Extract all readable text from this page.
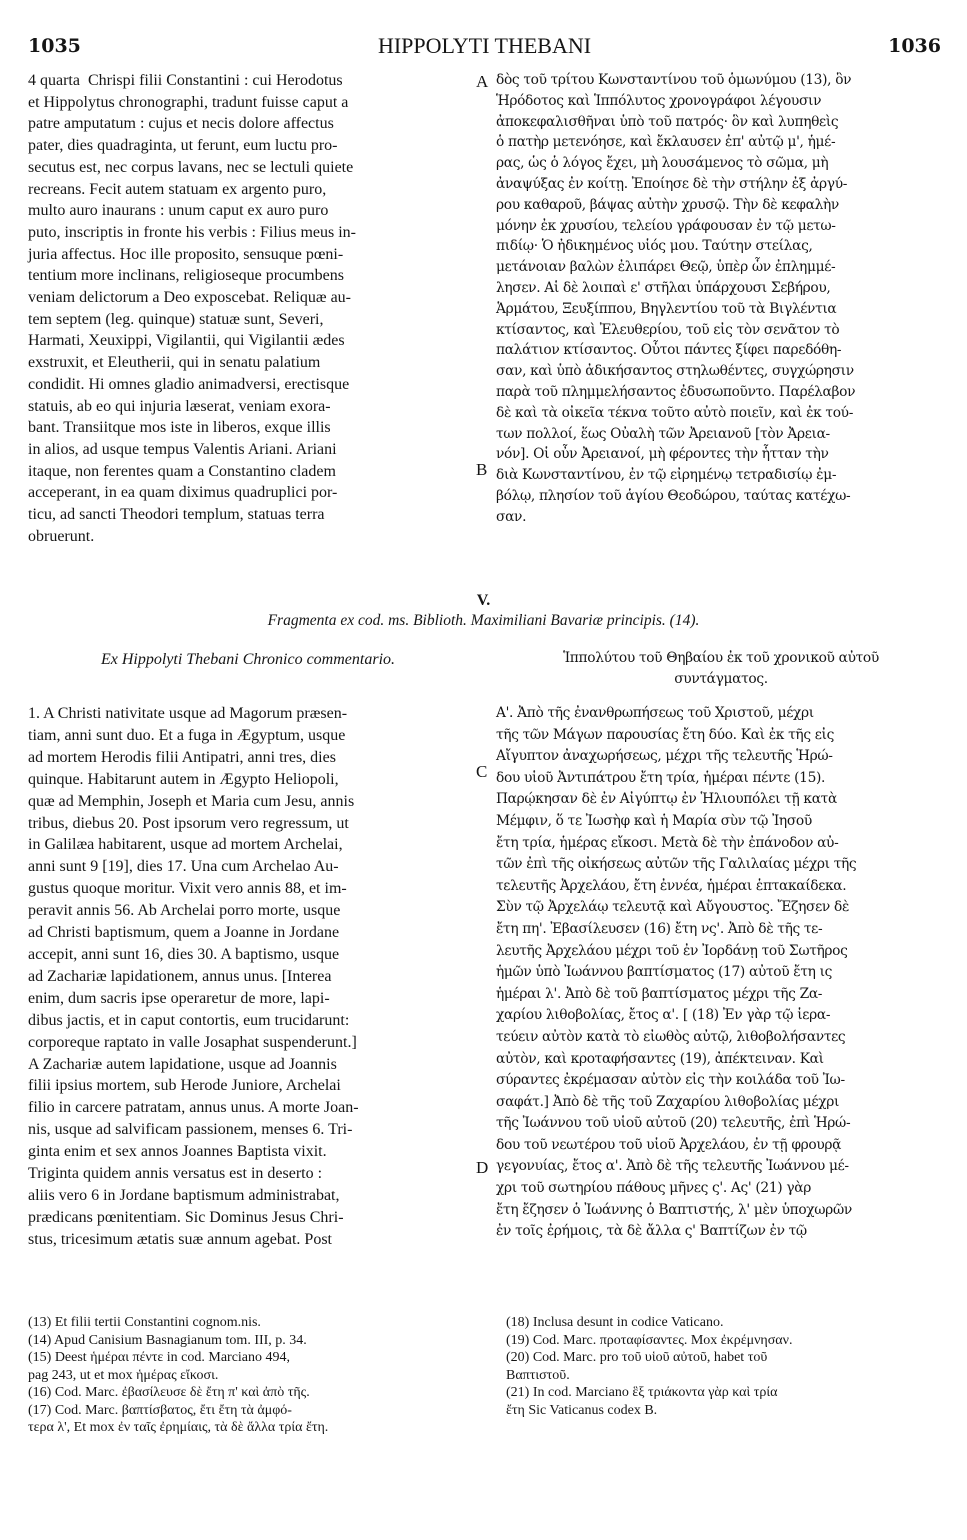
1035	HIPPOLYTI THEBANI	1036
4 quarta  Chrispi filii Constantini : cui Herodotus
et Hippolytus chronographi, tradunt fuisse caput a
patre amputatum : cujus et necis dolore affectus
pater, dies quadraginta, ut ferunt, eum luctu pro-
secutus est, nec corpus lavans, nec se lectuli quiete
recreans. Fecit autem statuam ex argento puro,
multo auro inaurans : unum caput ex auro puro
puto, inscriptis in fronte his verbis : Filius meus in-
juria affectus. Hoc ille proposito, sensuque pœni-
tentium more inclinans, religioseque procumbens
veniam delictorum a Deo exposcebat. Reliquæ au-
tem septem (leg. quinque) statuæ sunt, Severi,
Harmati, Xeuxippi, Vigilantii, qui Vigilantii ædes
exstruxit, et Eleutherii, qui in senatu palatium
condidit. Hi omnes gladio animadversi, erectisque
statuis, ab eo qui injuria læserat, veniam exora-
bant. Transiitque mos iste in liberos, exque illis
in alios, ad usque tempus Valentis Ariani. Ariani
itaque, non ferentes quam a Constantino cladem
acceperant, in ea quam diximus quadruplici por-
ticu, ad sancti Theodori templum, statuas terra
obruerunt.
δὸς τοῦ τρίτου Κωνσταντίνου τοῦ ὁμωνύμου (13), ὃν
Ἡρόδοτος καὶ Ἱππόλυτος χρονογράφοι λέγουσιν
ἀποκεφαλισθῆναι ὑπὸ τοῦ πατρός· ὃν καὶ λυπηθεὶς
ὁ πατὴρ μετενόησε, καὶ ἔκλαυσεν ἐπ' αὐτῷ μ', ἡμέ-
ρας, ὡς ὁ λόγος ἔχει, μὴ λουσάμενος τὸ σῶμα, μὴ
ἀναψύξας ἐν κοίτῃ. Ἐποίησε δὲ τὴν στήλην ἐξ ἀργύ-
ρου καθαροῦ, βάψας αὐτὴν χρυσῷ. Τὴν δὲ κεφαλὴν
μόνην ἐκ χρυσίου, τελείου γράφουσαν ἐν τῷ μετω-
πιδίῳ· Ὁ ἠδικημένος υἱός μου. Ταύτην στείλας,
μετάνοιαν βαλὼν ἐλιπάρει Θεῷ, ὑπὲρ ὧν ἐπλημμέ-
λησεν. Αἱ δὲ λοιπαὶ ε' στῆλαι ὑπάρχουσι Σεβήρου,
Ἁρμάτου, Ξευξίππου, Βηγλεντίου τοῦ τὰ Βιγλέντια
κτίσαντος, καὶ Ἐλευθερίου, τοῦ εἰς τὸν σενᾶτον τὸ
παλάτιον κτίσαντος. Οὗτοι πάντες ξίφει παρεδόθη-
σαν, καὶ ὑπὸ ἀδικήσαντος στηλωθέντες, συγχώρησιν
παρὰ τοῦ πλημμελήσαντος ἐδυσωποῦντο. Παρέλαβον
δὲ καὶ τὰ οἰκεῖα τέκνα τοῦτο αὐτὸ ποιεῖν, καὶ ἐκ τού-
των πολλοί, ἕως Οὐαλὴ τῶν Ἀρειανοῦ [τὸν Ἀρεια-
νόν]. Οἱ οὖν Ἀρειανοί, μὴ φέροντες τὴν ἧτταν τὴν
διὰ Κωνσταντίνου, ἐν τῷ εἰρημένῳ τετραδισίῳ ἐμ-
βόλῳ, πλησίον τοῦ ἁγίου Θεοδώρου, ταύτας κατέχω-
σαν.
A
B
V.
Fragmenta ex cod. ms. Biblioth. Maximiliani Bavariæ principis. (14).
Ex Hippolyti Thebani Chronico commentario.	Ἱππολύτου τοῦ Θηβαίου ἐκ τοῦ χρονικοῦ αὐτοῦ
συντάγματος.
1. A Christi nativitate usque ad Magorum præsen-
tiam, anni sunt duo. Et a fuga in Ægyptum, usque
ad mortem Herodis filii Antipatri, anni tres, dies
quinque. Habitarunt autem in Ægypto Heliopoli,
quæ ad Memphin, Joseph et Maria cum Jesu, annis
tribus, diebus 20. Post ipsorum vero regressum, ut
in Galilæa habitarent, usque ad mortem Archelai,
anni sunt 9 [19], dies 17. Una cum Archelao Au-
gustus quoque moritur. Vixit vero annis 88, et im-
peravit annis 56. Ab Archelai porro morte, usque
ad Christi baptismum, quem a Joanne in Jordane
accepit, anni sunt 16, dies 30. A baptismo, usque
ad Zachariæ lapidationem, annus unus. [Interea
enim, dum sacris ipse operaretur de more, lapi-
dibus jactis, et in caput contortis, eum trucidarunt:
corporeque raptato in valle Josaphat suspenderunt.]
A Zachariæ autem lapidatione, usque ad Joannis
filii ipsius mortem, sub Herode Juniore, Archelai
filio in carcere patratam, annus unus. A morte Joan-
nis, usque ad salvificam passionem, menses 6. Tri-
ginta enim et sex annos Joannes Baptista vixit.
Triginta quidem annis versatus est in deserto :
aliis vero 6 in Jordane baptismum administrabat,
prædicans pœnitentiam. Sic Dominus Jesus Chri-
stus, tricesimum ætatis suæ annum agebat. Post
Α'. Ἀπὸ τῆς ἐνανθρωπήσεως τοῦ Χριστοῦ, μέχρι
τῆς τῶν Μάγων παρουσίας ἔτη δύο. Καὶ ἐκ τῆς εἰς
Αἴγυπτον ἀναχωρήσεως, μέχρι τῆς τελευτῆς Ἡρώ-
δου υἱοῦ Ἀντιπάτρου ἔτη τρία, ἡμέραι πέντε (15).
Παρῴκησαν δὲ ἐν Αἰγύπτῳ ἐν Ἡλιουπόλει τῇ κατὰ
Μέμφιν, ὅ τε Ἰωσὴφ καὶ ἡ Μαρία σὺν τῷ Ἰησοῦ
ἔτη τρία, ἡμέρας εἴκοσι. Μετὰ δὲ τὴν ἐπάνοδον αὐ-
τῶν ἐπὶ τῆς οἰκήσεως αὐτῶν τῆς Γαλιλαίας μέχρι τῆς
τελευτῆς Ἀρχελάου, ἔτη ἐννέα, ἡμέραι ἑπτακαίδεκα.
Σὺν τῷ Ἀρχελάῳ τελευτᾷ καὶ Αὔγουστος. Ἔζησεν δὲ
ἔτη πη'. Ἐβασίλευσεν (16) ἔτη νς'. Ἀπὸ δὲ τῆς τε-
λευτῆς Ἀρχελάου μέχρι τοῦ ἐν Ἰορδάνῃ τοῦ Σωτῆρος
ἡμῶν ὑπὸ Ἰωάννου βαπτίσματος (17) αὐτοῦ ἔτη ις
ἡμέραι λ'. Ἀπὸ δὲ τοῦ βαπτίσματος μέχρι τῆς Ζα-
χαρίου λιθοβολίας, ἔτος α'. [ (18) Ἐν γὰρ τῷ ἱερα-
τεύειν αὐτὸν κατὰ τὸ εἰωθὸς αὐτῷ, λιθοβολήσαντες
αὐτὸν, καὶ κροταφήσαντες (19), ἀπέκτειναν. Καὶ
σύραντες ἐκρέμασαν αὐτὸν εἰς τὴν κοιλάδα τοῦ Ἰω-
σαφάτ.] Ἀπὸ δὲ τῆς τοῦ Ζαχαρίου λιθοβολίας μέχρι
τῆς Ἰωάννου τοῦ υἱοῦ αὐτοῦ (20) τελευτῆς, ἐπὶ Ἡρώ-
δου τοῦ νεωτέρου τοῦ υἱοῦ Ἀρχελάου, ἐν τῇ φρουρᾷ
γεγονυίας, ἔτος α'. Ἀπὸ δὲ τῆς τελευτῆς Ἰωάννου μέ-
χρι τοῦ σωτηρίου πάθους μῆνες ς'. Ας' (21) γὰρ
ἔτη ἔζησεν ὁ Ἰωάννης ὁ Βαπτιστής, λ' μὲν ὑποχωρῶν
ἐν τοῖς ἐρήμοις, τὰ δὲ ἄλλα ς' Βαπτίζων ἐν τῷ
C
D
(13) Et filii tertii Constantini cognom.nis.
(14) Apud Canisium Basnagianum tom. III, p. 34.
(15) Deest ἡμέραι πέντε in cod. Marciano 494,
pag 243, ut et mox ἡμέρας εἴκοσι.
(16) Cod. Marc. ἐβασίλευσε δὲ ἔτη π' καὶ ἀπὸ τῆς.
(17) Cod. Marc. βαπτίσβατος, ἔτι ἔτη τὰ ἀμφό-
τερα λ', Et mox ἐν ταῖς ἐρημίαις, τὰ δὲ ἄλλα τρία ἔτη.
(18) Inclusa desunt in codice Vaticano.
(19) Cod. Marc. προταφίσαντες. Mox ἐκρέμνησαν.
(20) Cod. Marc. pro τοῦ υἱοῦ αὐτοῦ, habet τοῦ
Βαπτιστοῦ.
(21) In cod. Marciano ἓξ τριάκοντα γὰρ καὶ τρία
ἔτη Sic Vaticanus codex B.
